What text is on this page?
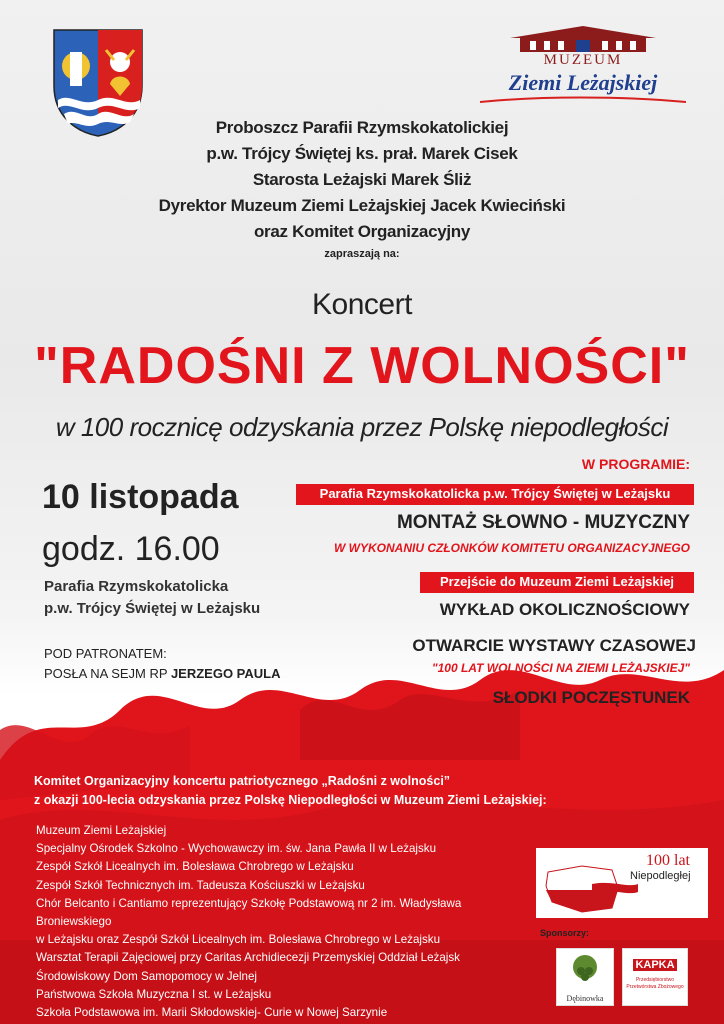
MUZEUM
Ziemi Leżajskiej
Proboszcz Parafii Rzymskokatolickiej
p.w. Trójcy Świętej ks. prał. Marek Cisek
Starosta Leżajski Marek Śliż
Dyrektor Muzeum Ziemi Leżajskiej Jacek Kwieciński
oraz Komitet Organizacyjny
zapraszają na:
Koncert
"RADOŚNI Z WOLNOŚCI"
w 100 rocznicę odzyskania przez Polskę niepodległości
10 listopada
godz. 16.00
Parafia Rzymskokatolicka
p.w. Trójcy Świętej w Leżajsku
POD PATRONATEM:
POSŁA NA SEJM RP JERZEGO PAULA
W PROGRAMIE:
Parafia Rzymskokatolicka p.w. Trójcy Świętej w Leżajsku
MONTAŻ SŁOWNO - MUZYCZNY
W WYKONANIU CZŁONKÓW KOMITETU ORGANIZACYJNEGO
Przejście do Muzeum Ziemi Leżajskiej
WYKŁAD OKOLICZNOŚCIOWY
OTWARCIE WYSTAWY CZASOWEJ
"100 LAT WOLNOŚCI NA ZIEMI LEŻAJSKIEJ"
SŁODKI POCZĘSTUNEK
Komitet Organizacyjny koncertu patriotycznego „Radośni z wolności”
z okazji 100-lecia odzyskania przez Polskę Niepodległości w Muzeum Ziemi Leżajskiej:
Muzeum Ziemi Leżajskiej
Specjalny Ośrodek Szkolno - Wychowawczy im. św. Jana Pawła II w Leżajsku
Zespół Szkół Licealnych im. Bolesława Chrobrego w Leżajsku
Zespół Szkół Technicznych im. Tadeusza Kościuszki w Leżajsku
Chór Belcanto i Cantiamo reprezentujący Szkołę Podstawową nr 2 im. Władysława Broniewskiego
w Leżajsku oraz Zespół Szkół Licealnych im. Bolesława Chrobrego w Leżajsku
Warsztat Terapii Zajęciowej przy Caritas Archidiecezji Przemyskiej Oddział Leżajsk
Środowiskowy Dom Samopomocy w Jelnej
Państwowa Szkoła Muzyczna I st. w Leżajsku
Szkoła Podstawowa im. Marii Skłodowskiej- Curie w Nowej Sarzynie
100 lat
Niepodległej
Sponsorzy:
Dębinowka
KAPKA
Przedsiębiorstwo Przetwórstwa Zbożowego
